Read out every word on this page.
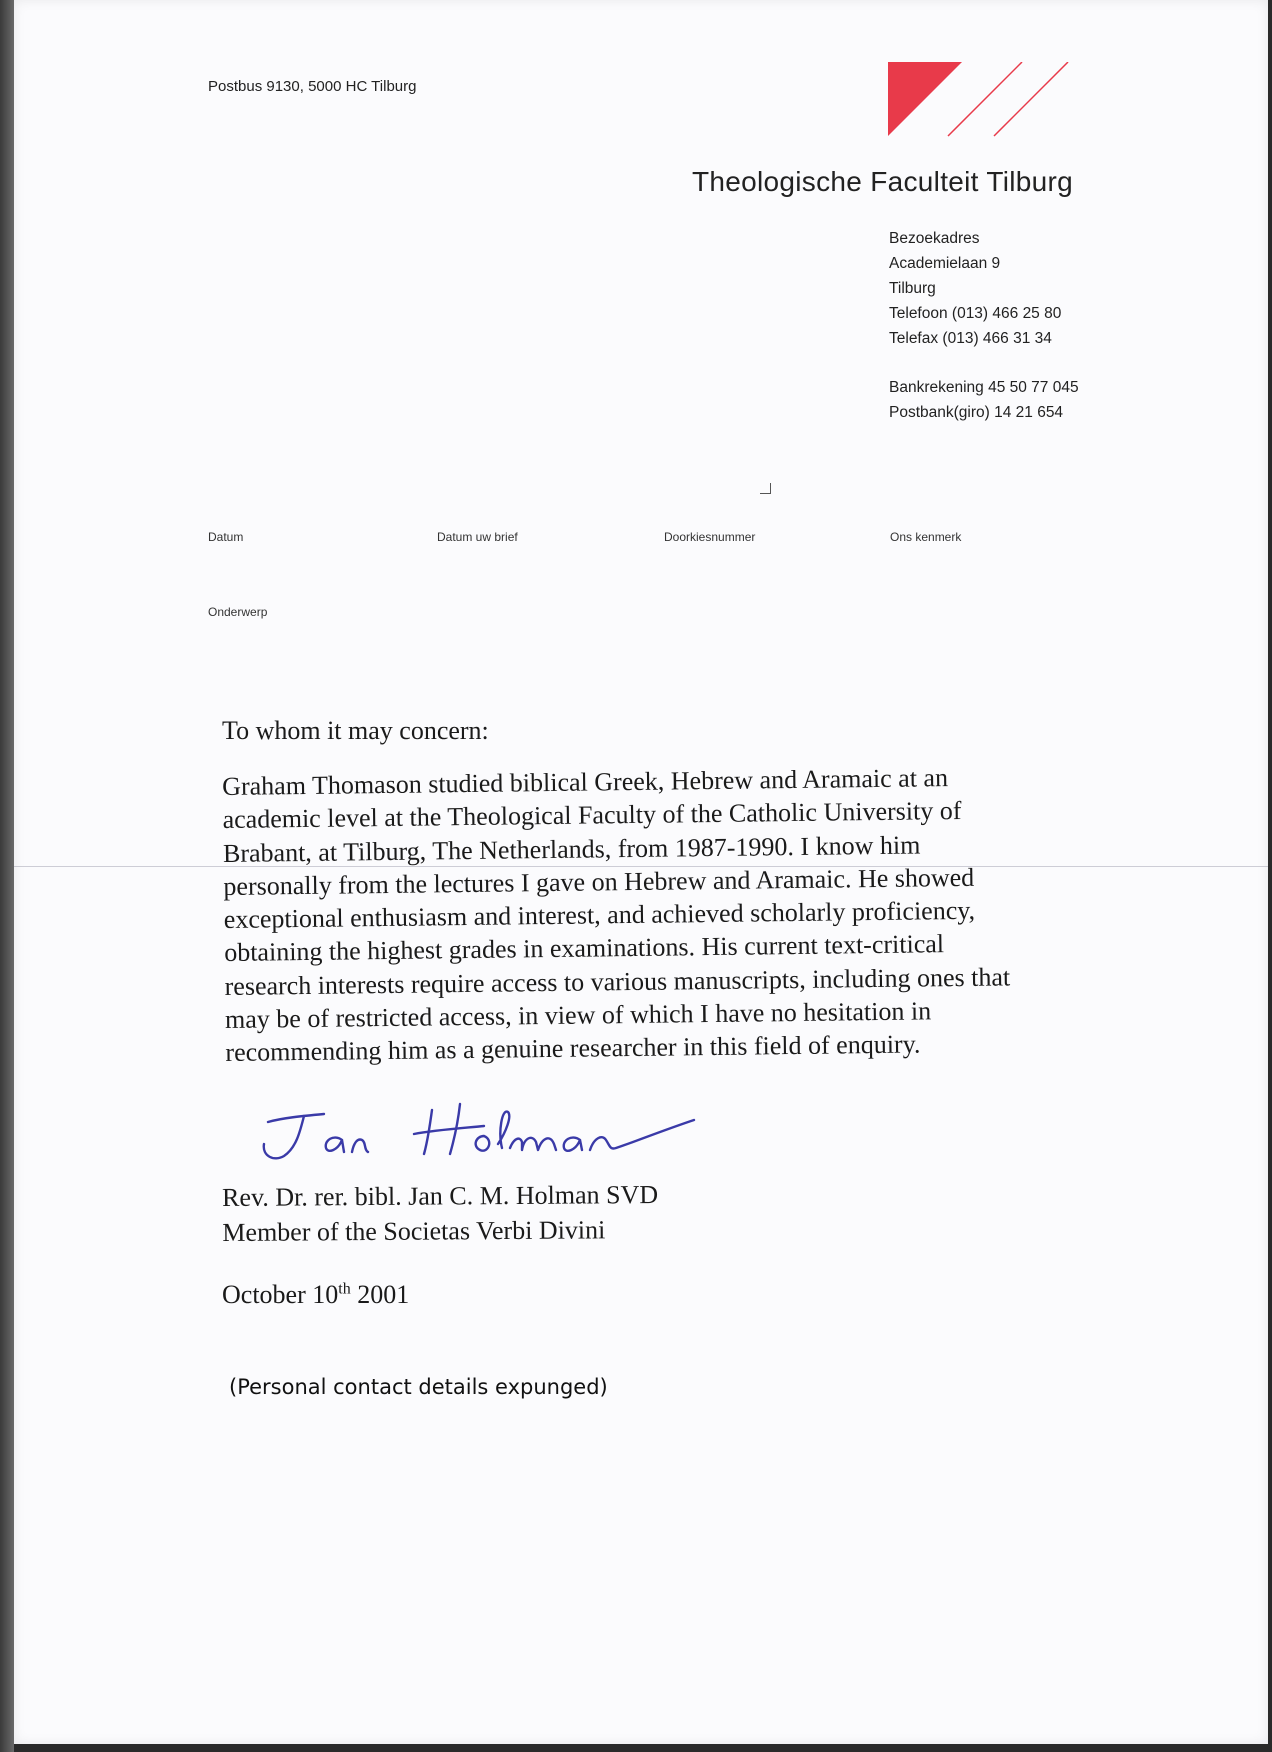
Postbus 9130, 5000 HC Tilburg
Theologische Faculteit Tilburg
Bezoekadres
Academielaan 9
Tilburg
Telefoon (013) 466 25 80
Telefax (013) 466 31 34
Bankrekening 45 50 77 045
Postbank(giro) 14 21 654
Datum	Datum uw brief	Doorkiesnummer	Ons kenmerk
Onderwerp
To whom it may concern:
Graham Thomason studied biblical Greek, Hebrew and Aramaic at an
academic level at the Theological Faculty of the Catholic University of
Brabant, at Tilburg, The Netherlands, from 1987-1990. I know him
personally from the lectures I gave on Hebrew and Aramaic. He showed
exceptional enthusiasm and interest, and achieved scholarly proficiency,
obtaining the highest grades in examinations. His current text-critical
research interests require access to various manuscripts, including ones that
may be of restricted access, in view of which I have no hesitation in
recommending him as a genuine researcher in this field of enquiry.
Rev. Dr. rer. bibl. Jan C. M. Holman SVD
Member of the Societas Verbi Divini
October 10th 2001
(Personal contact details expunged)
